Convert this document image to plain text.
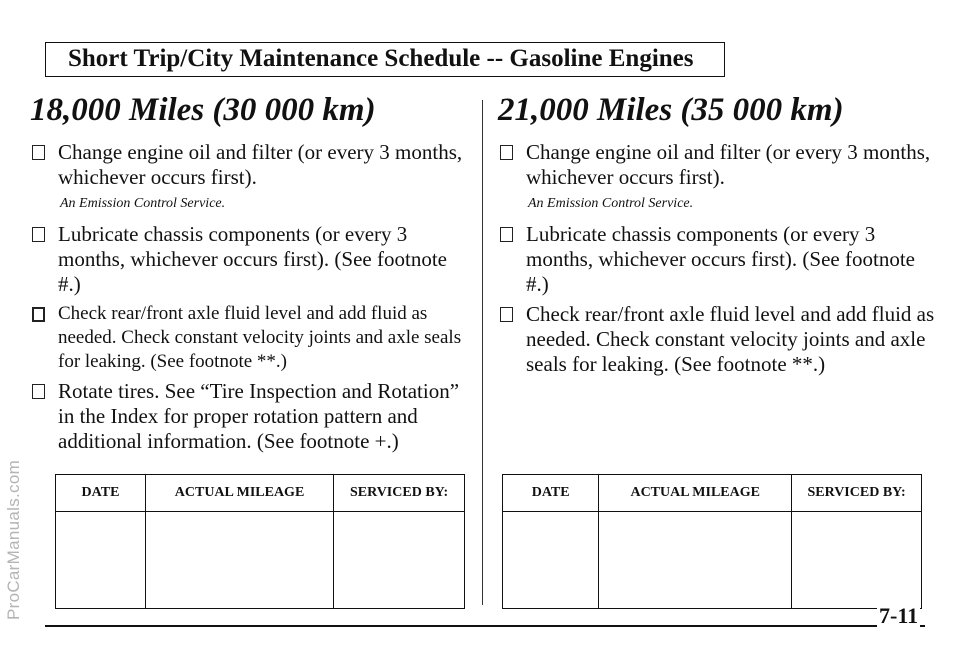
ProCarManuals.com
Short Trip/City Maintenance Schedule -- Gasoline Engines
18,000 Miles (30 000 km)
Change engine oil and filter (or every 3 months, whichever occurs first).
An Emission Control Service.
Lubricate chassis components (or every 3 months, whichever occurs first). (See footnote #.)
Check rear/front axle fluid level and add fluid as needed. Check constant velocity joints and axle seals for leaking. (See footnote **.)
Rotate tires. See “Tire Inspection and Rotation” in the Index for proper rotation pattern and additional information. (See footnote +.)
21,000 Miles (35 000 km)
Change engine oil and filter (or every 3 months, whichever occurs first).
An Emission Control Service.
Lubricate chassis components (or every 3 months, whichever occurs first). (See footnote #.)
Check rear/front axle fluid level and add fluid as needed. Check constant velocity joints and axle seals for leaking. (See footnote **.)
DATE	ACTUAL MILEAGE	SERVICED BY:
			DATE	ACTUAL MILEAGE	SERVICED BY:

7-11
